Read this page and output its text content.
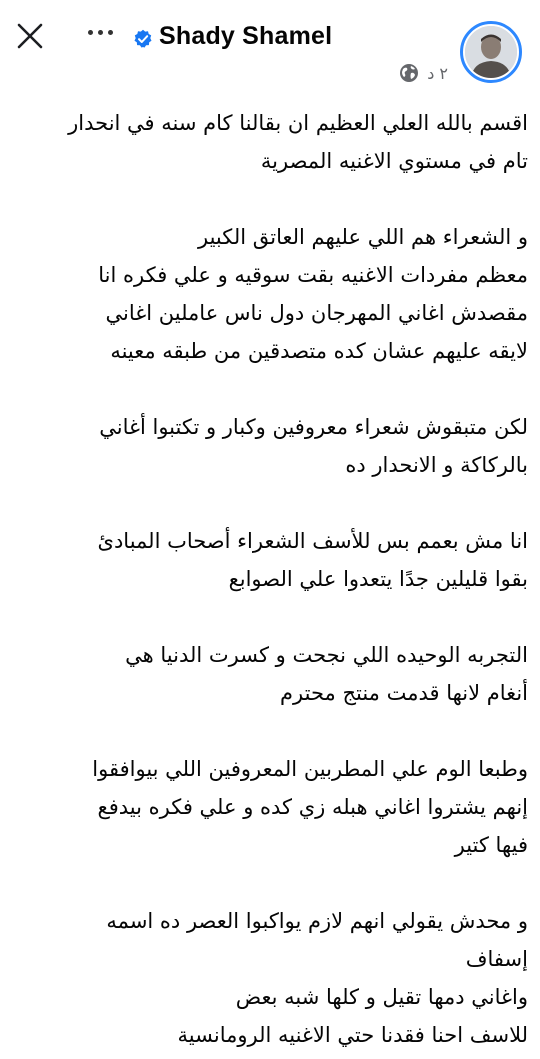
Shady Shamel
٢ د
اقسم بالله العلي العظيم ان بقالنا كام سنه في انحدار
تام في مستوي الاغنيه المصرية
و الشعراء هم اللي عليهم العاتق الكبير
معظم مفردات الاغنيه بقت سوقيه و علي فكره انا
مقصدش اغاني المهرجان دول ناس عاملين اغاني
لايقه عليهم عشان كده متصدقين من طبقه معينه
لكن متبقوش شعراء معروفين وكبار و تكتبوا أغاني
بالركاكة و الانحدار ده
انا مش بعمم بس للأسف الشعراء أصحاب المبادئ
بقوا قليلين جدًا يتعدوا علي الصوابع
التجربه الوحيده اللي نجحت و كسرت الدنيا هي
أنغام لانها قدمت منتج محترم
وطبعا الوم علي المطربين المعروفين اللي بيوافقوا
إنهم يشتروا اغاني هبله زي كده و علي فكره بيدفع
فيها كتير
و محدش يقولي انهم لازم يواكبوا العصر ده اسمه
إسفاف
واغاني دمها تقيل و كلها شبه بعض
للاسف احنا فقدنا حتي الاغنيه الرومانسية
